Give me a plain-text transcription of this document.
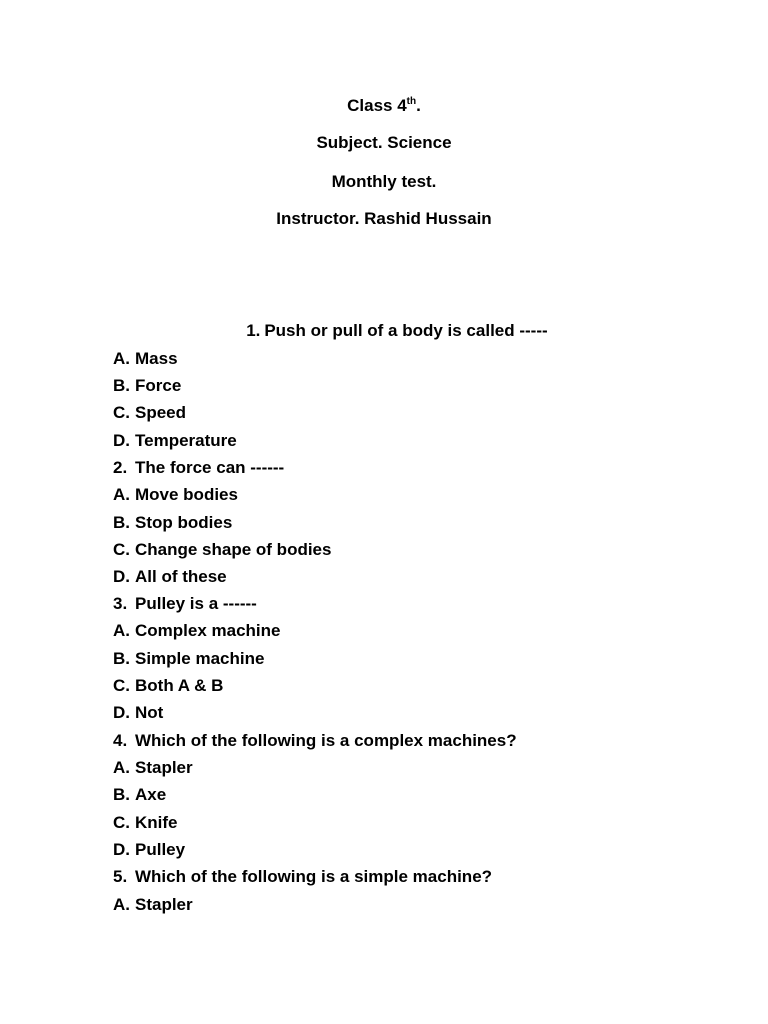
Class 4th.
Subject. Science
Monthly test.
Instructor. Rashid Hussain
1. Push or pull of a body is called -----
A. Mass
B. Force
C. Speed
D. Temperature
2. The force can ------
A. Move bodies
B. Stop bodies
C. Change shape of bodies
D. All of these
3. Pulley is a ------
A. Complex machine
B. Simple machine
C. Both A & B
D. Not
4. Which of the following is a complex machines?
A. Stapler
B. Axe
C. Knife
D. Pulley
5. Which of the following is a simple machine?
A. Stapler
